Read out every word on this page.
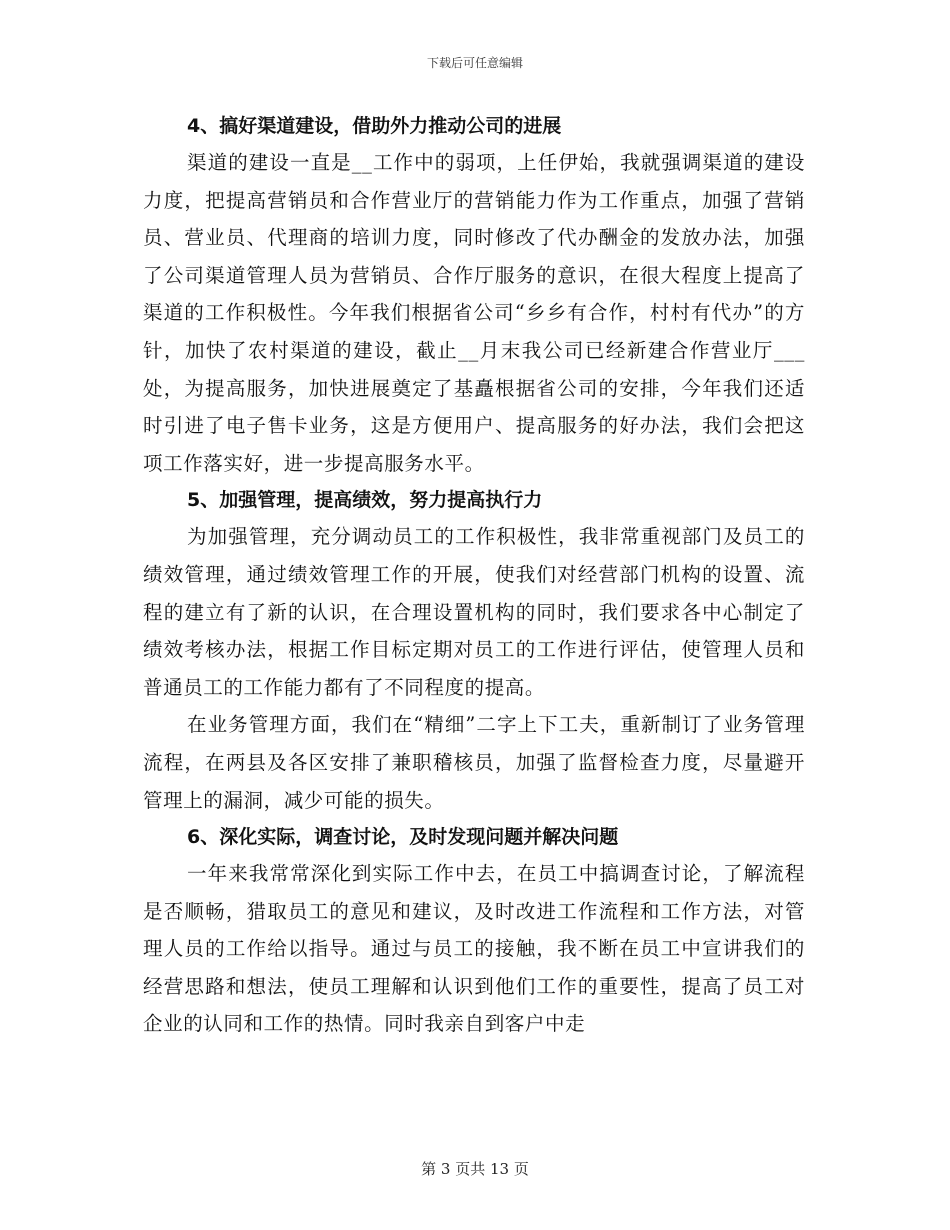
下载后可任意编辑

4、搞好渠道建设，借助外力推动公司的进展

渠道的建设一直是__工作中的弱项，上任伊始，我就强调渠道的建设力度，把提高营销员和合作营业厅的营销能力作为工作重点，加强了营销员、营业员、代理商的培训力度，同时修改了代办酬金的发放办法，加强了公司渠道管理人员为营销员、合作厅服务的意识，在很大程度上提高了渠道的工作积极性。今年我们根据省公司“乡乡有合作，村村有代办”的方针，加快了农村渠道的建设，截止__月末我公司已经新建合作营业厅___处，为提高服务，加快进展奠定了基矗根据省公司的安排，今年我们还适时引进了电子售卡业务，这是方便用户、提高服务的好办法，我们会把这项工作落实好，进一步提高服务水平。

5、加强管理，提高绩效，努力提高执行力

为加强管理，充分调动员工的工作积极性，我非常重视部门及员工的绩效管理，通过绩效管理工作的开展，使我们对经营部门机构的设置、流程的建立有了新的认识，在合理设置机构的同时，我们要求各中心制定了绩效考核办法，根据工作目标定期对员工的工作进行评估，使管理人员和普通员工的工作能力都有了不同程度的提高。

在业务管理方面，我们在“精细”二字上下工夫，重新制订了业务管理流程，在两县及各区安排了兼职稽核员，加强了监督检查力度，尽量避开管理上的漏洞，减少可能的损失。

6、深化实际，调查讨论，及时发现问题并解决问题

一年来我常常深化到实际工作中去，在员工中搞调查讨论，了解流程是否顺畅，猎取员工的意见和建议，及时改进工作流程和工作方法，对管理人员的工作给以指导。通过与员工的接触，我不断在员工中宣讲我们的经营思路和想法，使员工理解和认识到他们工作的重要性，提高了员工对企业的认同和工作的热情。同时我亲自到客户中走

第 3 页共 13 页
